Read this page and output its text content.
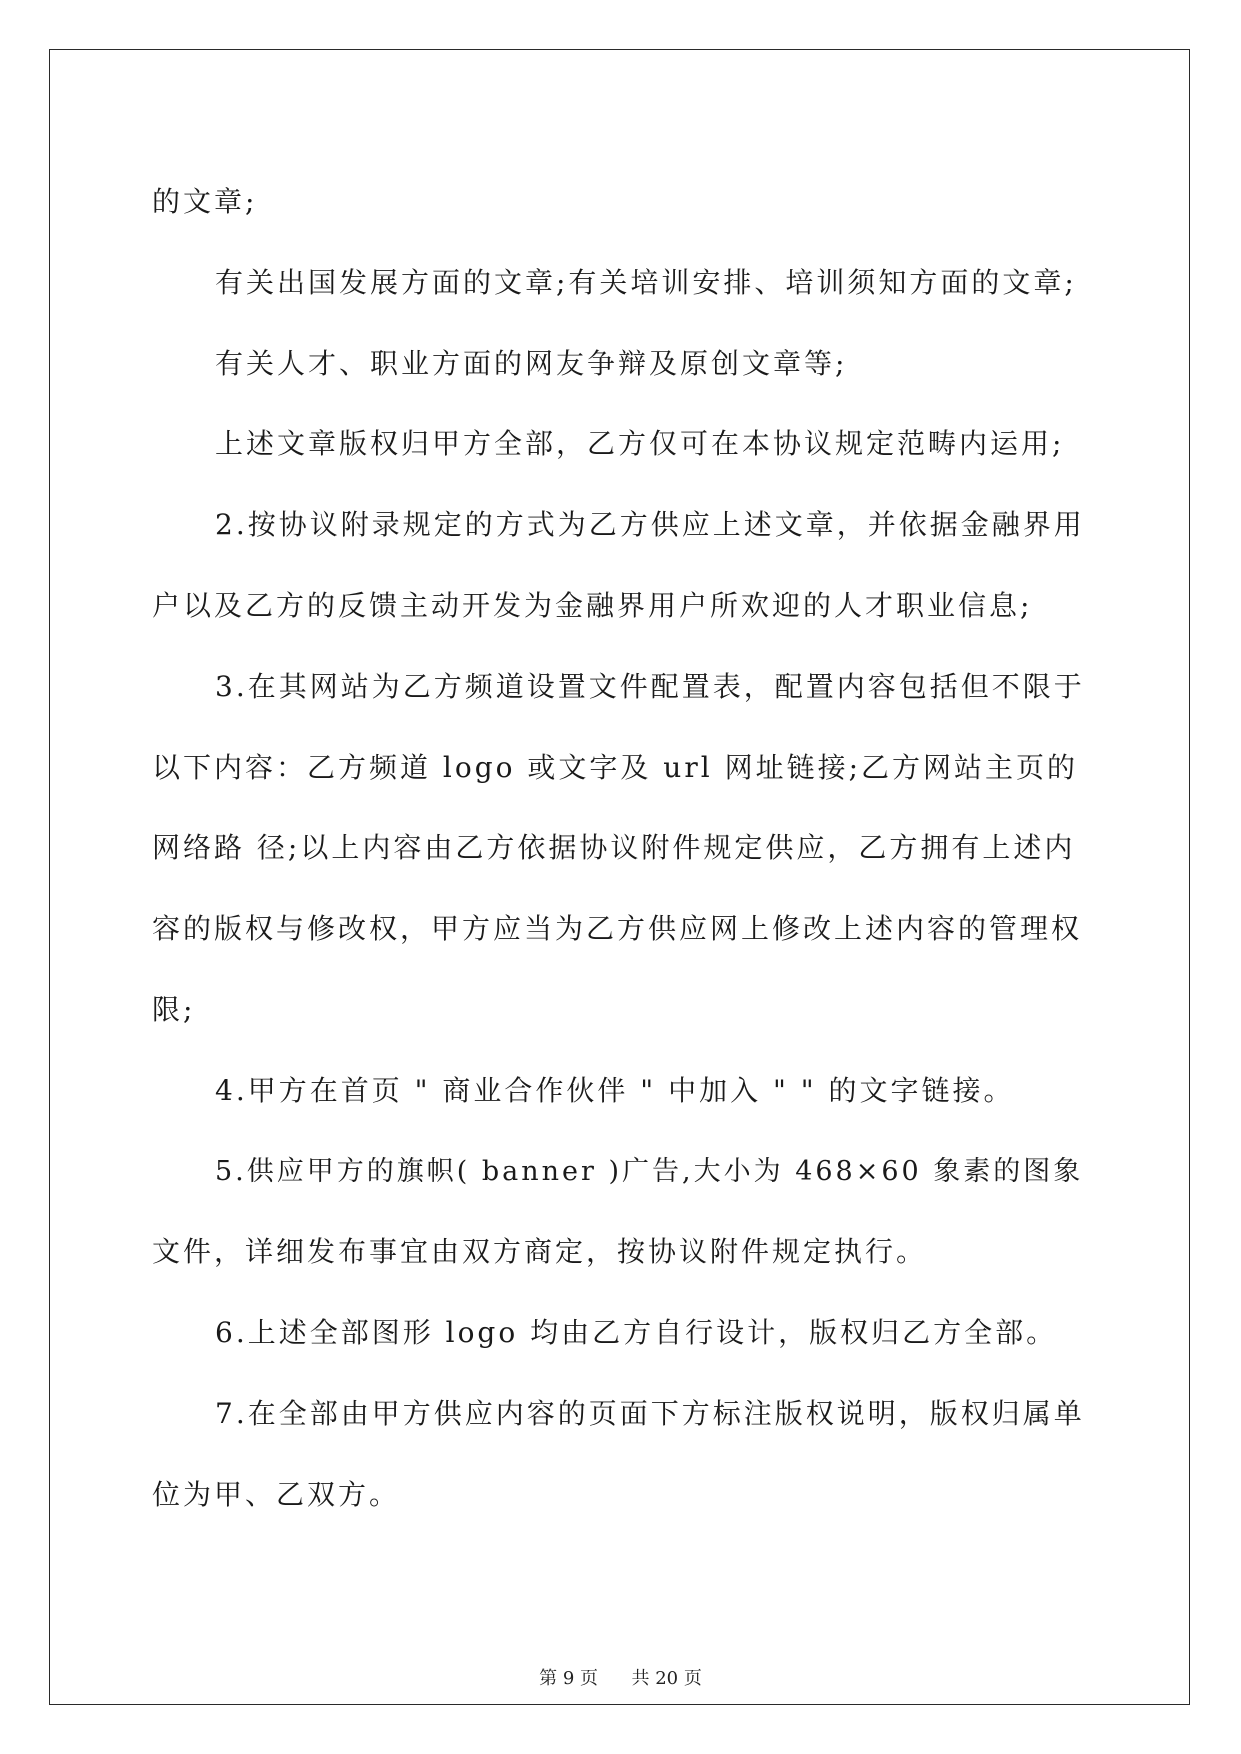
的文章;
有关出国发展方面的文章;有关培训安排、培训须知方面的文章;
有关人才、职业方面的网友争辩及原创文章等;
上述文章版权归甲方全部，乙方仅可在本协议规定范畴内运用;
2.按协议附录规定的方式为乙方供应上述文章，并依据金融界用
户以及乙方的反馈主动开发为金融界用户所欢迎的人才职业信息;
3.在其网站为乙方频道设置文件配置表，配置内容包括但不限于
以下内容：乙方频道 logo 或文字及 url 网址链接;乙方网站主页的
网络路 径;以上内容由乙方依据协议附件规定供应，乙方拥有上述内
容的版权与修改权，甲方应当为乙方供应网上修改上述内容的管理权
限;
4.甲方在首页 " 商业合作伙伴 " 中加入 " " 的文字链接。
5.供应甲方的旗帜( banner )广告,大小为 468×60 象素的图象
文件，详细发布事宜由双方商定，按协议附件规定执行。
6.上述全部图形 logo 均由乙方自行设计，版权归乙方全部。
7.在全部由甲方供应内容的页面下方标注版权说明，版权归属单
位为甲、乙双方。
第 9 页 共 20 页
